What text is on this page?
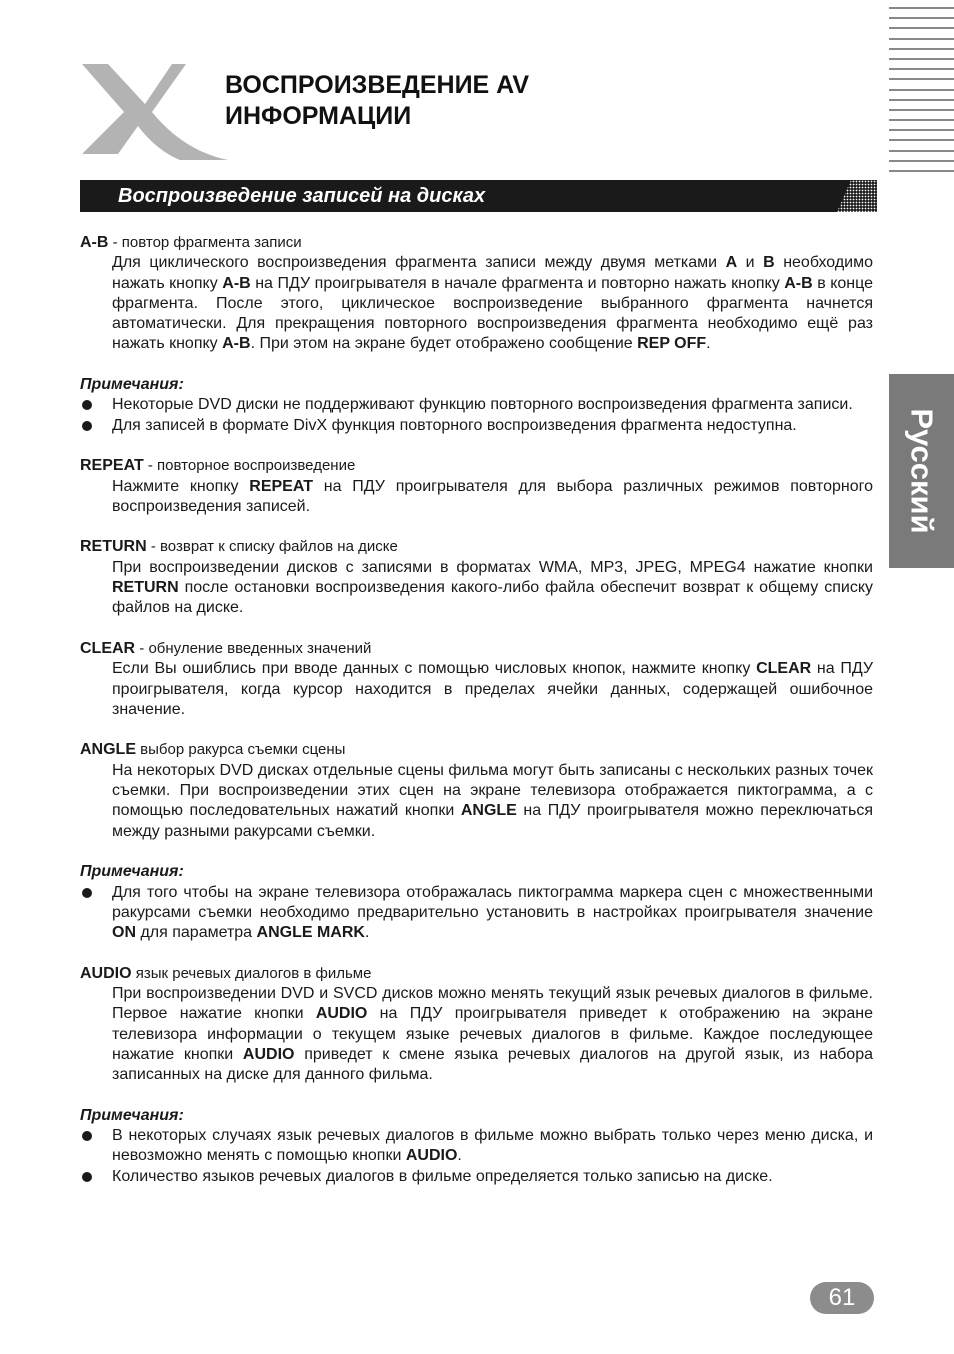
ВОСПРОИЗВЕДЕНИЕ AV
ИНФОРМАЦИИ
Русский
Воспроизведение записей на дисках

A-B - повтор фрагмента записи

Для циклического воспроизведения фрагмента записи между двумя метками A и B необходимо нажать кнопку A-B на ПДУ проигрывателя в начале фрагмента и повторно нажать кнопку A-B в конце фрагмента. После этого, циклическое воспроизведение выбранного фрагмента начнется автоматически. Для прекращения повторного воспроизведения фрагмента необходимо ещё раз нажать кнопку A-B. При этом на экране будет отображено сообщение REP OFF.

Примечания:

Некоторые DVD диски не поддерживают функцию повторного воспроизведения фрагмента записи.

Для записей в формате DivX функция повторного воспроизведения фрагмента недоступна.

REPEAT - повторное воспроизведение

Нажмите кнопку REPEAT на ПДУ проигрывателя для выбора различных режимов повторного воспроизведения записей.

RETURN - возврат к списку файлов на диске

При воспроизведении дисков с записями в форматах WMA, MP3, JPEG, MPEG4 нажатие кнопки RETURN после остановки воспроизведения какого-либо файла обеспечит возврат к общему списку файлов на диске.

CLEAR - обнуление введенных значений

Если Вы ошиблись при вводе данных с помощью числовых кнопок, нажмите кнопку CLEAR на ПДУ проигрывателя, когда курсор находится в пределах ячейки данных, содержащей ошибочное значение.

ANGLE выбор ракурса съемки сцены

На некоторых DVD дисках отдельные сцены фильма могут быть записаны с нескольких разных точек съемки. При воспроизведении этих сцен на экране телевизора отображается пиктограмма, а с помощью последовательных нажатий кнопки ANGLE на ПДУ проигрывателя можно переключаться между разными ракурсами съемки.

Примечания:

Для того чтобы на экране телевизора отображалась пиктограмма маркера сцен с множественными ракурсами съемки необходимо предварительно установить в настройках проигрывателя значение ON для параметра ANGLE MARK.

AUDIO язык речевых диалогов в фильме

При воспроизведении DVD и SVCD дисков можно менять текущий язык речевых диалогов в фильме. Первое нажатие кнопки AUDIO на ПДУ проигрывателя приведет к отображению на экране телевизора информации о текущем языке речевых диалогов в фильме. Каждое последующее нажатие кнопки AUDIO приведет к смене языка речевых диалогов на другой язык, из набора записанных на диске для данного фильма.

Примечания:

В некоторых случаях язык речевых диалогов в фильме можно выбрать только через меню диска, и невозможно менять с помощью кнопки AUDIO.

Количество языков речевых диалогов в фильме определяется только записью на диске.

61
